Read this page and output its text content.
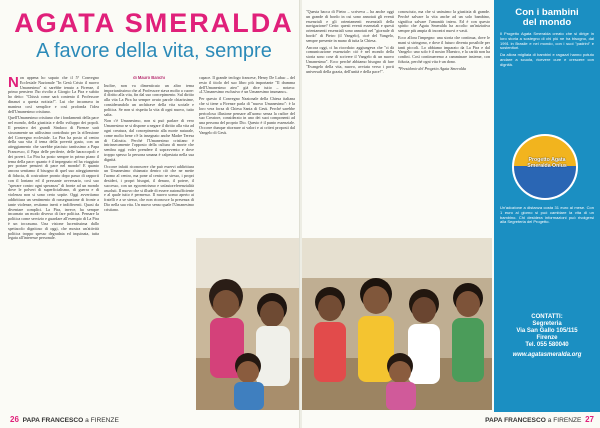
AGATA SMERALDA
A favore della vita, sempre

Non appena ho saputo che il 5° Convegno Ecclesiale Nazionale "In Gesù Cristo il nuovo Umanesimo" si sarebbe tenuto a Firenze, il primo pensiero l'ho rivolto a Giorgio La Pira e subito ho detto: "Chissà come sarà contento il Professore dinanzi a questa notizia!". Lui che incarnava in maniera così semplice e così profonda l'idea dell'Umanesimo cristiano.

Quell'Umanesimo cristiano che i fondamenti della pace nel mondo, della giustizia e dello sviluppo dei popoli. Il pensiero dei grandi Sindaco di Firenze sarà sicuramente un utilissimo contributo per la riflessione del Convegno ecclesiale. La Pira ha posto al centro della sua vita il tema della povertà gusto, con un atteggiamento che sarebbe piaciuto tantissimo a Papa Francesco, il Papa delle periferie, delle baraccopoli e dei poveri. La Pira ha posto sempre in primo piano il tema della pace: quanto è il impegnato ed ha viaggiato per portare pensieri di pace nel mondo! E quanto ancora sentiamo il bisogno di quel suo atteggiamento di fiducia, di costruttore pronto dopo passo di rapporti con il lontano ed il pressante avversario, così suo "sperare contro ogni speranza" di fronte ad un mondo dove le polveri di superficialismo, di guerra e di violenza non si sono certo sopite. Oggi avvertiamo addirittura un sentimento di rassegnazione di fronte a tante violenze, restiamo inerti e indifferenti. Quasi da diventare complici. La Pira, invece, ha sempre incarnato un modo diverso di fare politica. Pensare la politica come servizio e guardare all'esempio di La Pira è un toccasana. Una visione lucentissima dallo spettacolo dignitoso di oggi, che mostra un'attività politica troppo spesso degradata ed inquinata, tutta legata all'interesse personale.

di Mauro Banchi

Inoltre, non va dimenticato un altro tema importantissimo che al Professore stava molto a cuore: il diritto alla vita, fin dal suo concepimento. Sul diritto alla vita La Pira ha sempre avuto parole chiarissime, considerandolo un architrave della vita sociale e politica. Se non si rispetta la vita di ogni nuovo, tutto salta.

Non c'è Umanesimo, non si può parlare di vero Umanesimo se si dispone a negare il diritto alla vita ad ogni creatura, dal concepimento alla morte naturale, come molto bene c'è la insegnato anche Madre Teresa di Calcutta. Perché l'Umanesimo cristiano è intrinsecamente l'opposto della cultura di morte che sembra oggi voler prendere il sopravvento e dove troppo spesso la persona umana è calpestata nella sua dignità.

Occorre infatti riconoscere che può esservi addirittura un Umanesimo chiamato dentro ciò che ne mette l'uomo al centro, ma pone al centro se stesso, i propri desideri, i propri bisogni, il denaro, il potere, il successo, con un egocentrismo e un'autoreferenzialità assoluti. Il nuovo che si illude di essere autosufficiente e al quale tutto è permesso. Il nuovo uomo aperto ai fratelli e a se stesso, che non riconosce la presenza di Dio nella sua vita. Un nuovo senso quale l'Umanesimo cristiano.

capace. Il grande teologo francese, Henry De Lubac – del resto il titolo del suo libro più importante "Il dramma dell'Umanesimo ateo" già dice tutto – notava: «L'Umanesimo esclusivo è un Umanesimo inumano».

Per questo il Convegno Nazionale della Chiesa italiana che si tiene a Firenze parla di "nuovo Umanesimo": è la loro vera forza di Chiesa Santa di Gesù. Perché sarebbe pericolosa illusione pensare all'uomo senza la radice del suo Creatore, considerato in uno dei suoi componenti ad una persona del proprio Dio. Questo è il punto essenziale. Occorre dunque ritornare ai valori e ai criteri proposti dal Vangelo di Gesù.

26 PAPA FRANCESCO a FIRENZE

"Questa bacca di Pietro – scriveva – ha anche oggi un grande di bordo in cui sono annotati gli eventi essenziali e gli orientamenti essenziali della navigazione? Certo: questi eventi essenziali e questi orientamenti essenziali sono annotati nel "giornale di bordo" di Pietro (il Vangelo), cioè del Vangelo, sempre presente in mano di tutta la Chiesa.

Ancora oggi, ci ha ricordato: aggiungeva che "ci dà comunicazione essenziale: ciò è nel mondo della storia sono cose di scrivere il Vangelo di un nuovo Umanesimo". Ecco perché abbiamo bisogno di fare "Evangelo della vita, nuovo, avviata verso i porti universali della grazia, dell'unità e della pace!".

conosciuto, ma che si unissimo la giustizia di grande. Perché salvare la vita anche ad un solo bambino, significa salvare l'umanità intera. Ed è con questo spirito che Agata Smeralda ha accolto un'iniziativa sempre più ampia di incontri nuovi e vasti.

Ecco allora l'impegno: una storia che continua, dove le mani si stringono, e dove il futuro diventa possibile per tanti piccoli. Lo abbiamo imparato da La Pira e dal Vangelo: uno solo è il nostro Maestro, e la carità non ha confini. Così continueremo a camminare insieme, con fiducia, perché ogni vita è un dono.

*Presidente del Progetto Agata Smeralda

Con i bambini
del mondo

Il Progetto Agata Smeralda creato che si dirige in loro storia a sostegno di chi più ne ha bisogno, dal 1991 in Brasile e nel mondo, con i suoi "padrini" e sostenitori.

Da allora migliaia di bambini e ragazzi hanno potuto andare a scuola, ricevere cure e crescere con dignità.

Progetto Agata Smeralda Onlus

Un'adozione a distanza costa 31 euro al mese. Con 1 euro al giorno si può cambiare la vita di un bambino. Chi desidera informazioni può rivolgersi alla Segreteria del Progetto.

CONTATTI:
Segreteria
Via San Gallo 105/115
Firenze
Tel. 055 580040
www.agatasmeralda.org
PAPA FRANCESCO a FIRENZE 27
